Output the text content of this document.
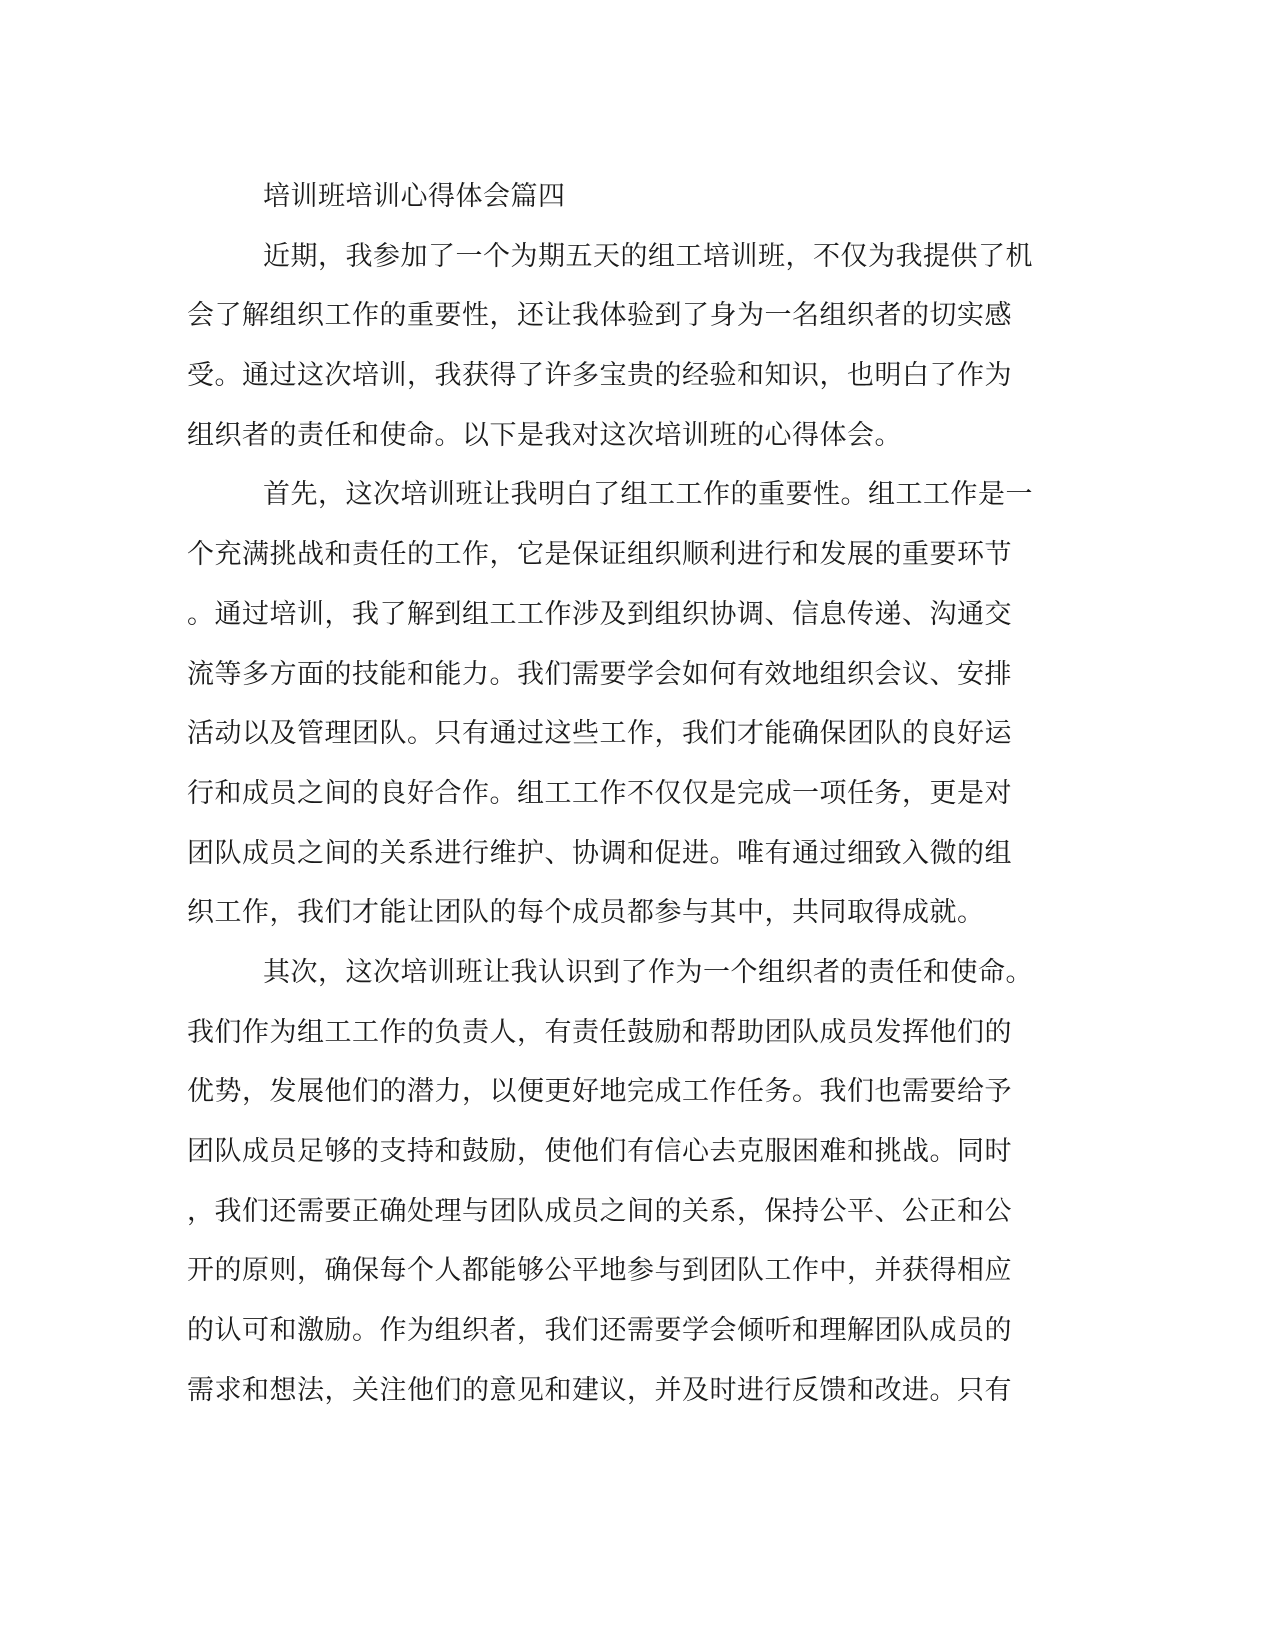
培训班培训心得体会篇四
近期，我参加了一个为期五天的组工培训班，不仅为我提供了机
会了解组织工作的重要性，还让我体验到了身为一名组织者的切实感
受。通过这次培训，我获得了许多宝贵的经验和知识，也明白了作为
组织者的责任和使命。以下是我对这次培训班的心得体会。
首先，这次培训班让我明白了组工工作的重要性。组工工作是一
个充满挑战和责任的工作，它是保证组织顺利进行和发展的重要环节
。通过培训，我了解到组工工作涉及到组织协调、信息传递、沟通交
流等多方面的技能和能力。我们需要学会如何有效地组织会议、安排
活动以及管理团队。只有通过这些工作，我们才能确保团队的良好运
行和成员之间的良好合作。组工工作不仅仅是完成一项任务，更是对
团队成员之间的关系进行维护、协调和促进。唯有通过细致入微的组
织工作，我们才能让团队的每个成员都参与其中，共同取得成就。
其次，这次培训班让我认识到了作为一个组织者的责任和使命。
我们作为组工工作的负责人，有责任鼓励和帮助团队成员发挥他们的
优势，发展他们的潜力，以便更好地完成工作任务。我们也需要给予
团队成员足够的支持和鼓励，使他们有信心去克服困难和挑战。同时
，我们还需要正确处理与团队成员之间的关系，保持公平、公正和公
开的原则，确保每个人都能够公平地参与到团队工作中，并获得相应
的认可和激励。作为组织者，我们还需要学会倾听和理解团队成员的
需求和想法，关注他们的意见和建议，并及时进行反馈和改进。只有
